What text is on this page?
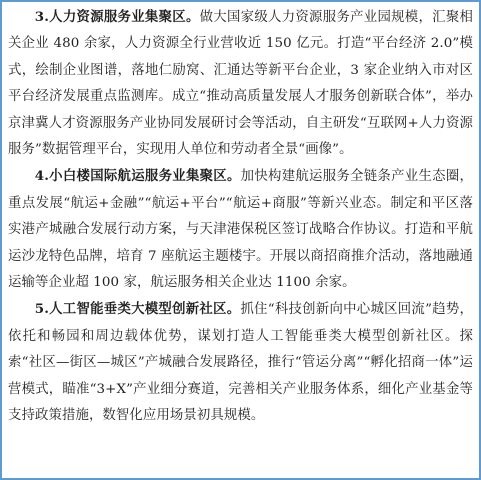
3.人力资源服务业集聚区。做大国家级人力资源服务产业园规模，汇聚相关企业 480 余家，人力资源全行业营收近 150 亿元。打造“平台经济 2.0”模式，绘制企业图谱，落地仁励窝、汇通达等新平台企业，3 家企业纳入市对区平台经济发展重点监测库。成立“推动高质量发展人才服务创新联合体”，举办京津冀人才资源服务产业协同发展研讨会等活动，自主研发“互联网+人力资源服务”数据管理平台，实现用人单位和劳动者全景“画像”。

4.小白楼国际航运服务业集聚区。加快构建航运服务全链条产业生态圈，重点发展“航运+金融”“航运+平台”“航运+商服”等新兴业态。制定和平区落实港产城融合发展行动方案，与天津港保税区签订战略合作协议。打造和平航运沙龙特色品牌，培育 7 座航运主题楼宇。开展以商招商推介活动，落地融通运输等企业超 100 家，航运服务相关企业达 1100 余家。

5.人工智能垂类大模型创新社区。抓住“科技创新向中心城区回流”趋势，依托和畅园和周边载体优势，谋划打造人工智能垂类大模型创新社区。探索“社区—街区—城区”产城融合发展路径，推行“管运分离”“孵化招商一体”运营模式，瞄准“3+X”产业细分赛道，完善相关产业服务体系，细化产业基金等支持政策措施，数智化应用场景初具规模。
